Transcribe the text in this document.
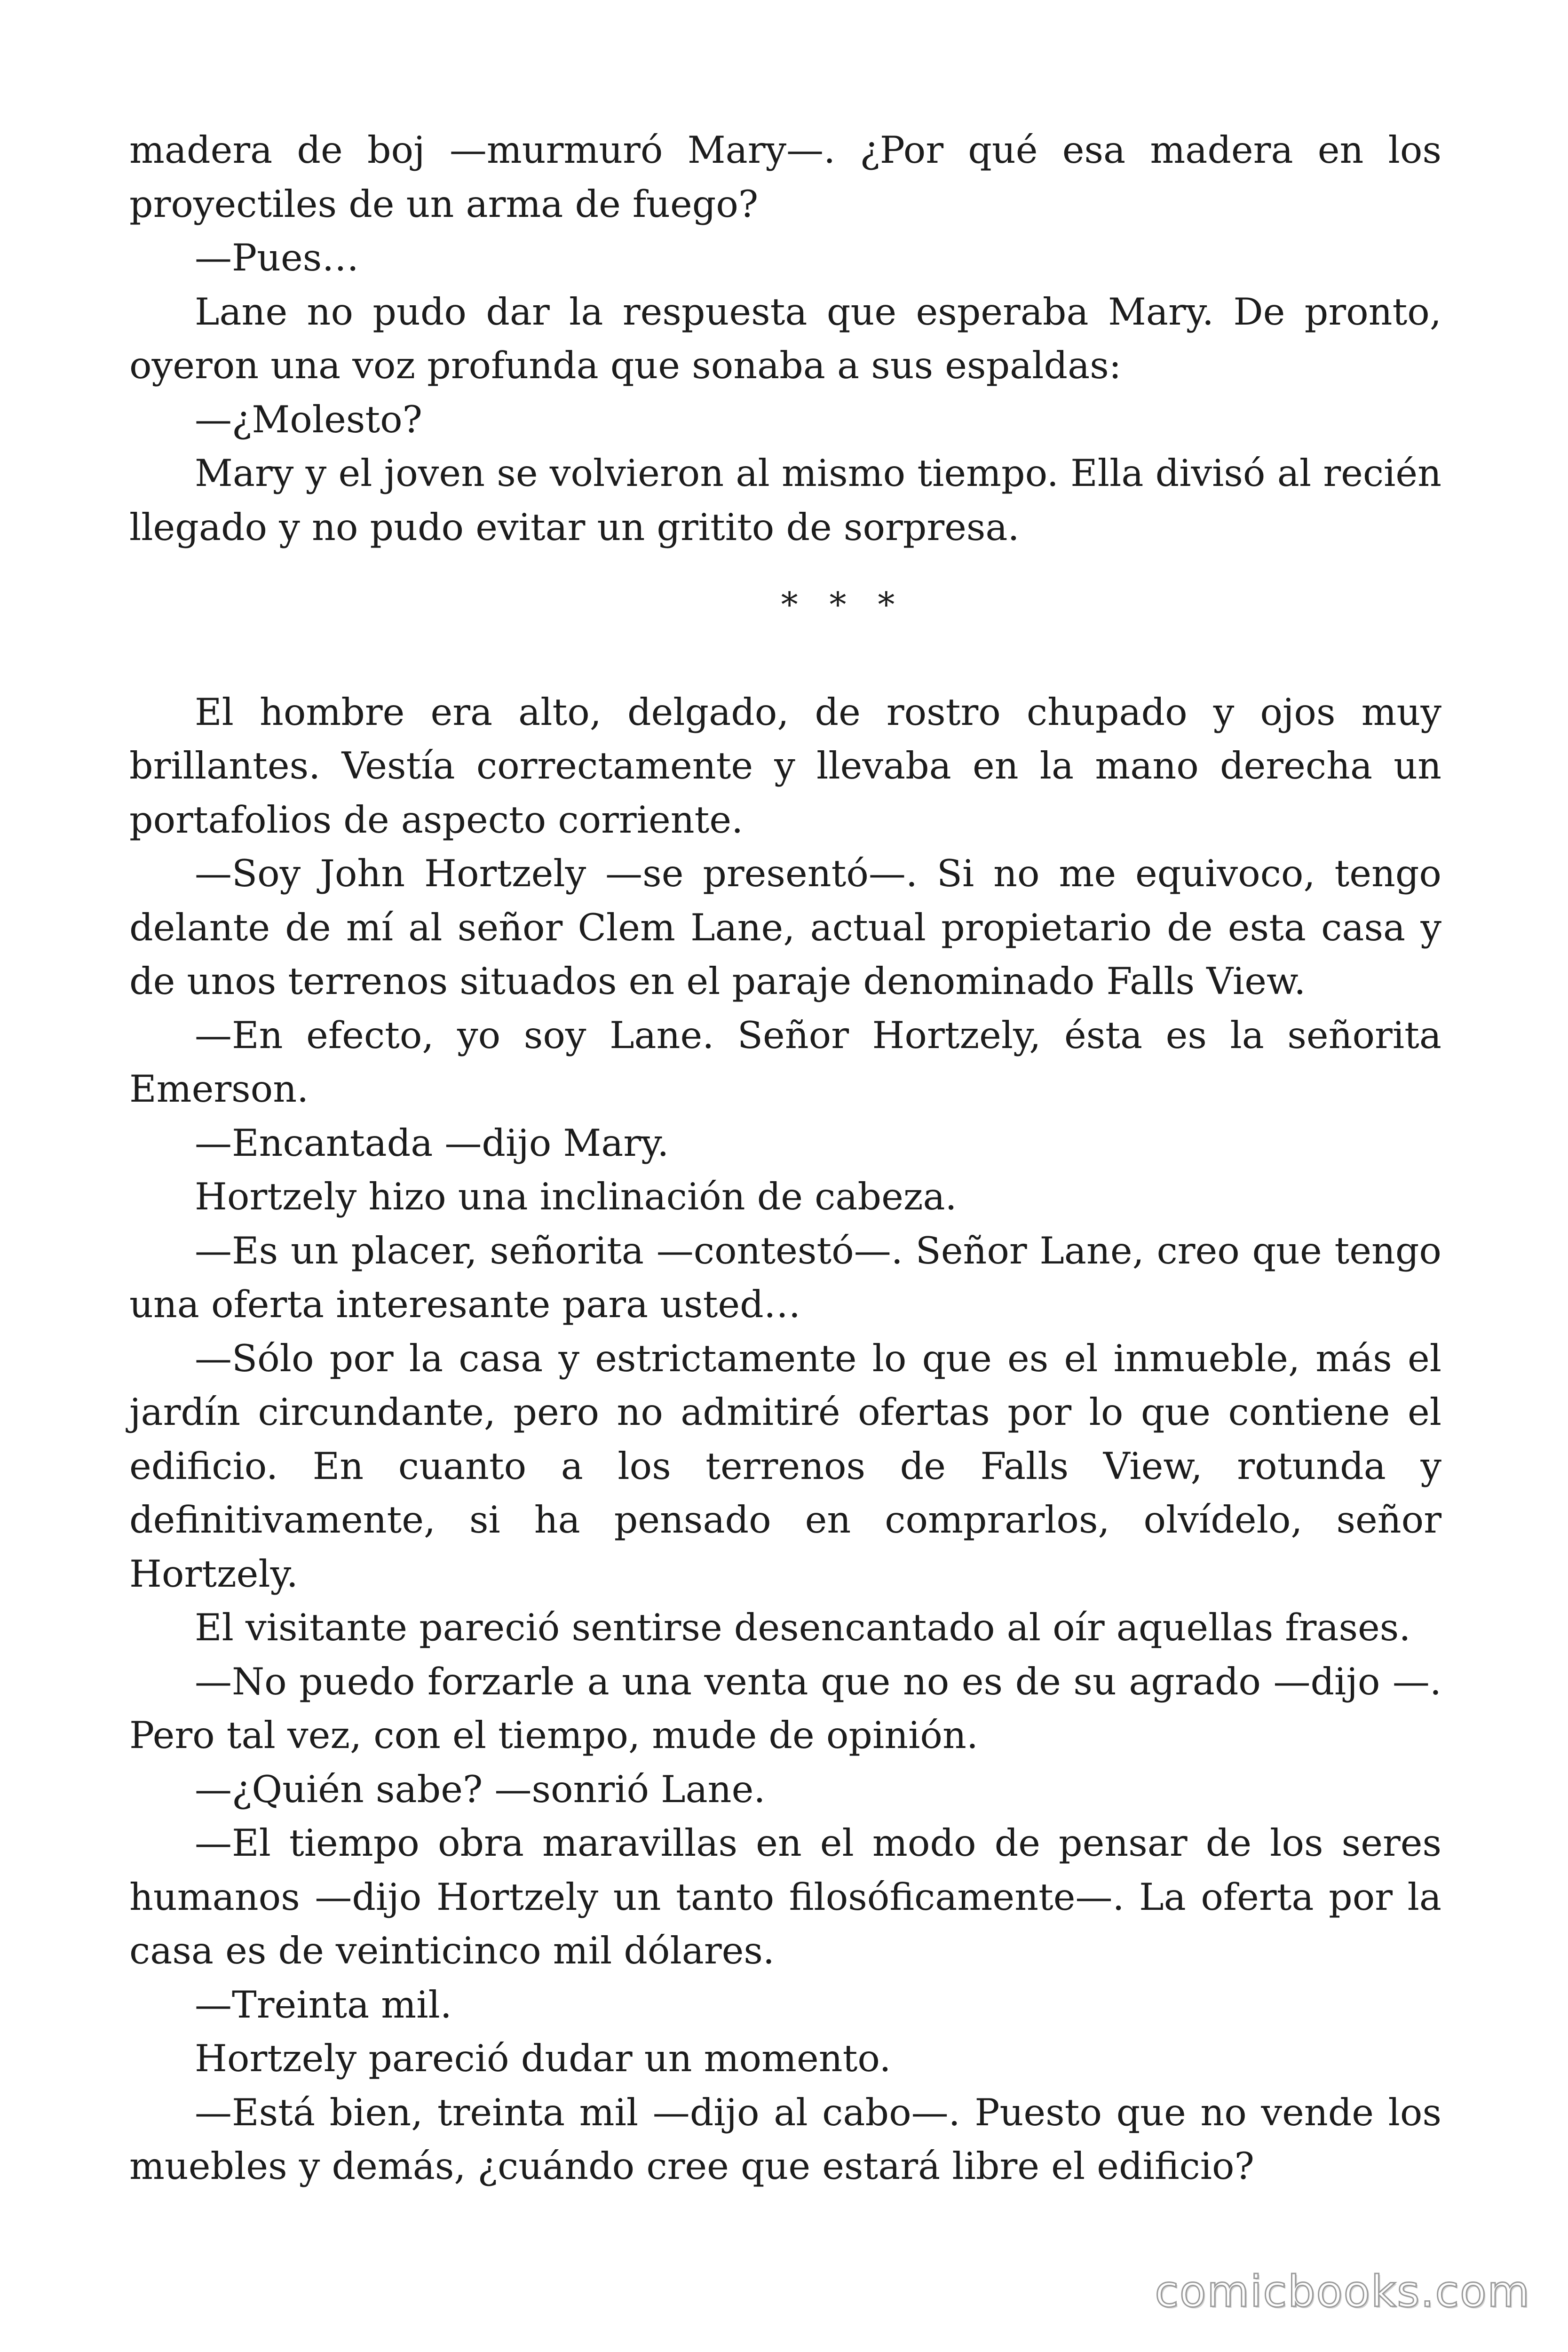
madera de boj —murmuró Mary—. ¿Por qué esa madera en los proyectiles de un arma de fuego?

—Pues…

Lane no pudo dar la respuesta que esperaba Mary. De pronto, oyeron una voz profunda que sonaba a sus espaldas:

—¿Molesto?

Mary y el joven se volvieron al mismo tiempo. Ella divisó al recién llegado y no pudo evitar un gritito de sorpresa.

* * *

El hombre era alto, delgado, de rostro chupado y ojos muy brillantes. Vestía correctamente y llevaba en la mano derecha un portafolios de aspecto corriente.

—Soy John Hortzely —se presentó—. Si no me equivoco, tengo delante de mí al señor Clem Lane, actual propietario de esta casa y de unos terrenos situados en el paraje denominado Falls View.

—En efecto, yo soy Lane. Señor Hortzely, ésta es la señorita Emerson.

—Encantada —dijo Mary.

Hortzely hizo una inclinación de cabeza.

—Es un placer, señorita —contestó—. Señor Lane, creo que tengo una oferta interesante para usted…

—Sólo por la casa y estrictamente lo que es el inmueble, más el jardín circundante, pero no admitiré ofertas por lo que contiene el edificio. En cuanto a los terrenos de Falls View, rotunda y definitivamente, si ha pensado en comprarlos, olvídelo, señor Hortzely.

El visitante pareció sentirse desencantado al oír aquellas frases.

—No puedo forzarle a una venta que no es de su agrado —dijo —. Pero tal vez, con el tiempo, mude de opinión.

—¿Quién sabe? —sonrió Lane.

—El tiempo obra maravillas en el modo de pensar de los seres humanos —dijo Hortzely un tanto filosóficamente—. La oferta por la casa es de veinticinco mil dólares.

—Treinta mil.

Hortzely pareció dudar un momento.

—Está bien, treinta mil —dijo al cabo—. Puesto que no vende los muebles y demás, ¿cuándo cree que estará libre el edificio?

comicbooks.com
